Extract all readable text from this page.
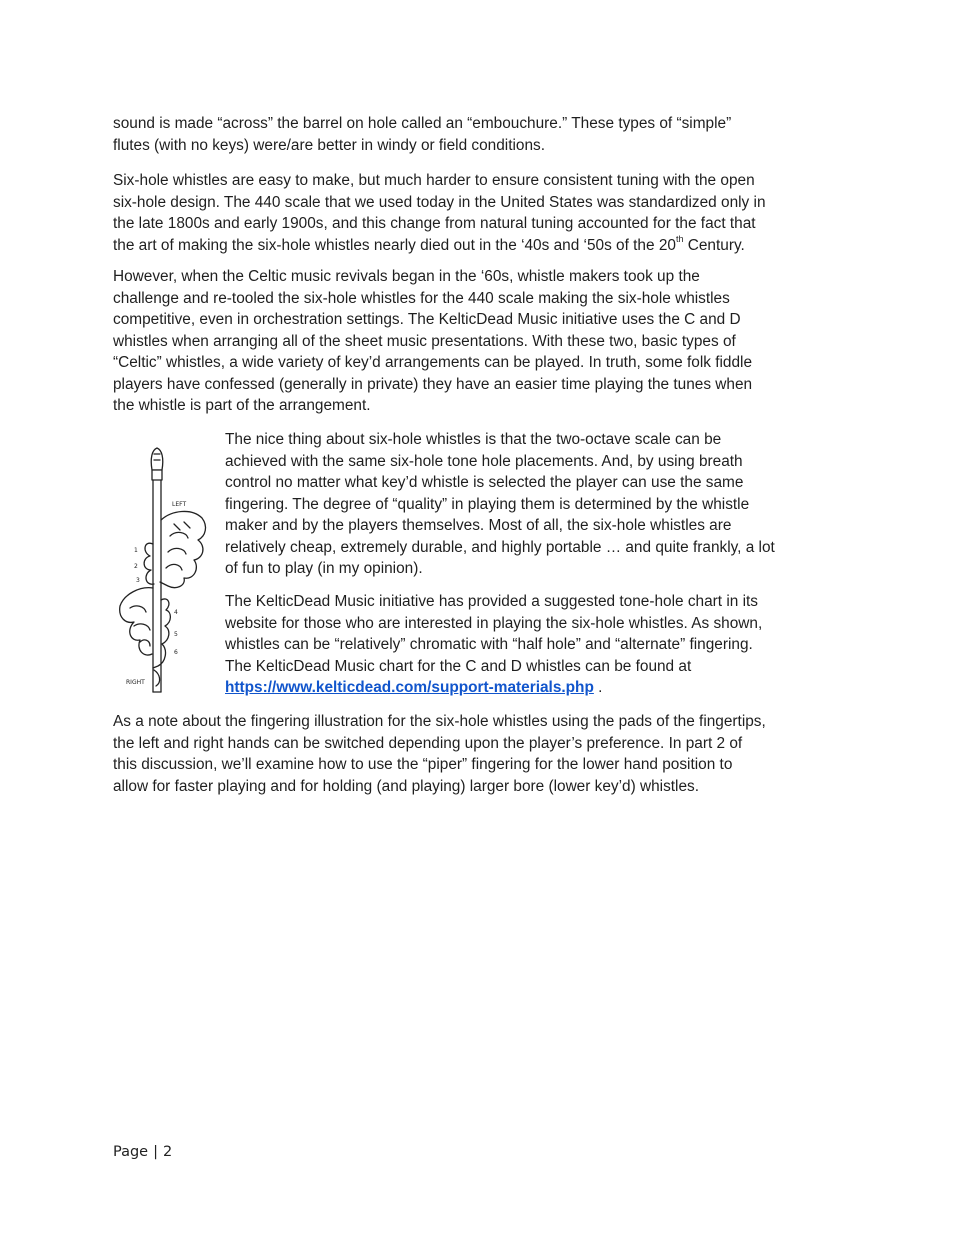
sound is made “across” the barrel on hole called an “embouchure.” These types of “simple”
flutes (with no keys) were/are better in windy or field conditions.

Six-hole whistles are easy to make, but much harder to ensure consistent tuning with the open
six-hole design. The 440 scale that we used today in the United States was standardized only in
the late 1800s and early 1900s, and this change from natural tuning accounted for the fact that
the art of making the six-hole whistles nearly died out in the ‘40s and ‘50s of the 20th Century.

However, when the Celtic music revivals began in the ‘60s, whistle makers took up the
challenge and re-tooled the six-hole whistles for the 440 scale making the six-hole whistles
competitive, even in orchestration settings. The KelticDead Music initiative uses the C and D
whistles when arranging all of the sheet music presentations. With these two, basic types of
“Celtic” whistles, a wide variety of key’d arrangements can be played. In truth, some folk fiddle
players have confessed (generally in private) they have an easier time playing the tunes when
the whistle is part of the arrangement.

LEFT
RIGHT
1
2
3
4
5
6

The nice thing about six-hole whistles is that the two-octave scale can be
achieved with the same six-hole tone hole placements. And, by using breath
control no matter what key’d whistle is selected the player can use the same
fingering. The degree of “quality” in playing them is determined by the whistle
maker and by the players themselves. Most of all, the six-hole whistles are
relatively cheap, extremely durable, and highly portable … and quite frankly, a lot
of fun to play (in my opinion).

The KelticDead Music initiative has provided a suggested tone-hole chart in its
website for those who are interested in playing the six-hole whistles. As shown,
whistles can be “relatively” chromatic with “half hole” and “alternate” fingering.
The KelticDead Music chart for the C and D whistles can be found at
https://www.kelticdead.com/support-materials.php .

As a note about the fingering illustration for the six-hole whistles using the pads of the fingertips,
the left and right hands can be switched depending upon the player’s preference. In part 2 of
this discussion, we’ll examine how to use the “piper” fingering for the lower hand position to
allow for faster playing and for holding (and playing) larger bore (lower key’d) whistles.

Page | 2
